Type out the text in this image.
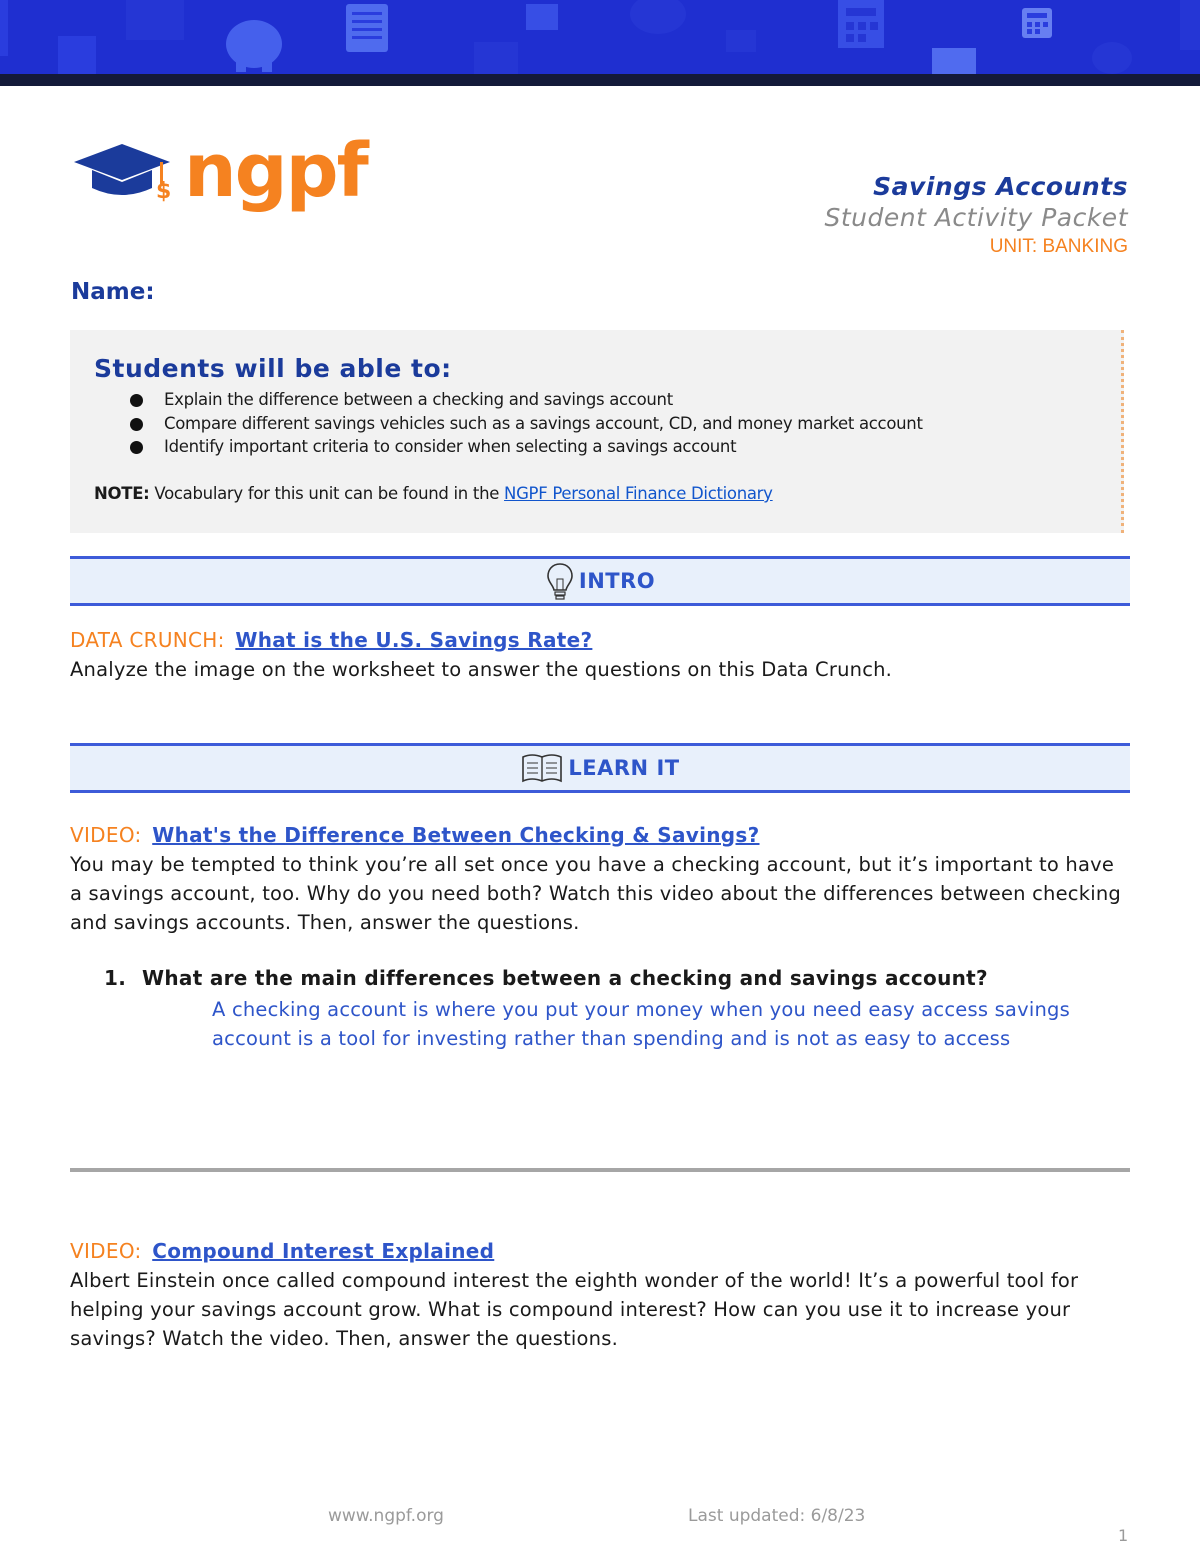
$ ngpf	Savings Accounts
Student Activity Packet
UNIT: BANKING
Name:
Students will be able to:
Explain the difference between a checking and savings account
Compare different savings vehicles such as a savings account, CD, and money market account
Identify important criteria to consider when selecting a savings account
NOTE: Vocabulary for this unit can be found in the NGPF Personal Finance Dictionary
INTRO
DATA CRUNCH: What is the U.S. Savings Rate?
Analyze the image on the worksheet to answer the questions on this Data Crunch.
LEARN IT
VIDEO: What's the Difference Between Checking & Savings?
You may be tempted to think you’re all set once you have a checking account, but it’s important to have a savings account, too. Why do you need both? Watch this video about the differences between checking and savings accounts. Then, answer the questions.
1. What are the main differences between a checking and savings account?
A checking account is where you put your money when you need easy access savings account is a tool for investing rather than spending and is not as easy to access
VIDEO: Compound Interest Explained
Albert Einstein once called compound interest the eighth wonder of the world! It’s a powerful tool for helping your savings account grow. What is compound interest? How can you use it to increase your savings? Watch the video. Then, answer the questions.
www.ngpf.org	Last updated: 6/8/23
1
